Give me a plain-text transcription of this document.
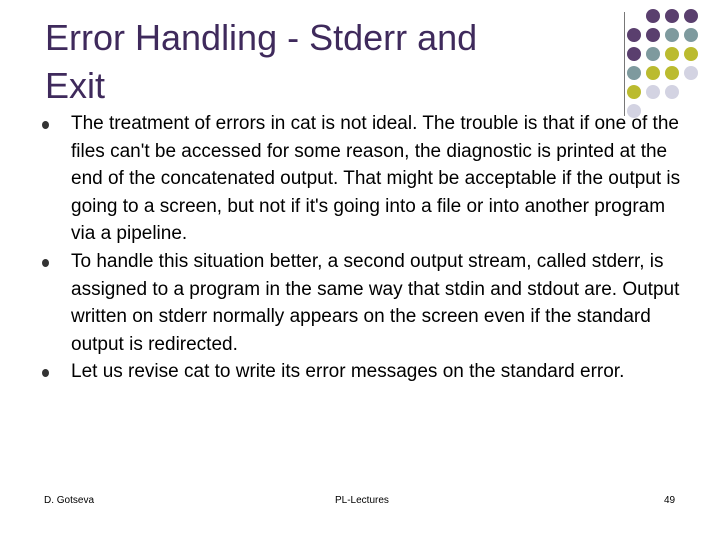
Error Handling - Stderr and
Exit
The treatment of errors in cat is not ideal. The trouble is that if one of the files can't be accessed for some reason, the diagnostic is printed at the end of the concatenated output. That might be acceptable if the output is going to a screen, but not if it's going into a file or into another program via a pipeline.
To handle this situation better, a second output stream, called stderr, is assigned to a program in the same way that stdin and stdout are. Output written on stderr normally appears on the screen even if the standard output is redirected.
Let us revise cat to write its error messages on the standard error.
D. Gotseva	PL-Lectures	49
